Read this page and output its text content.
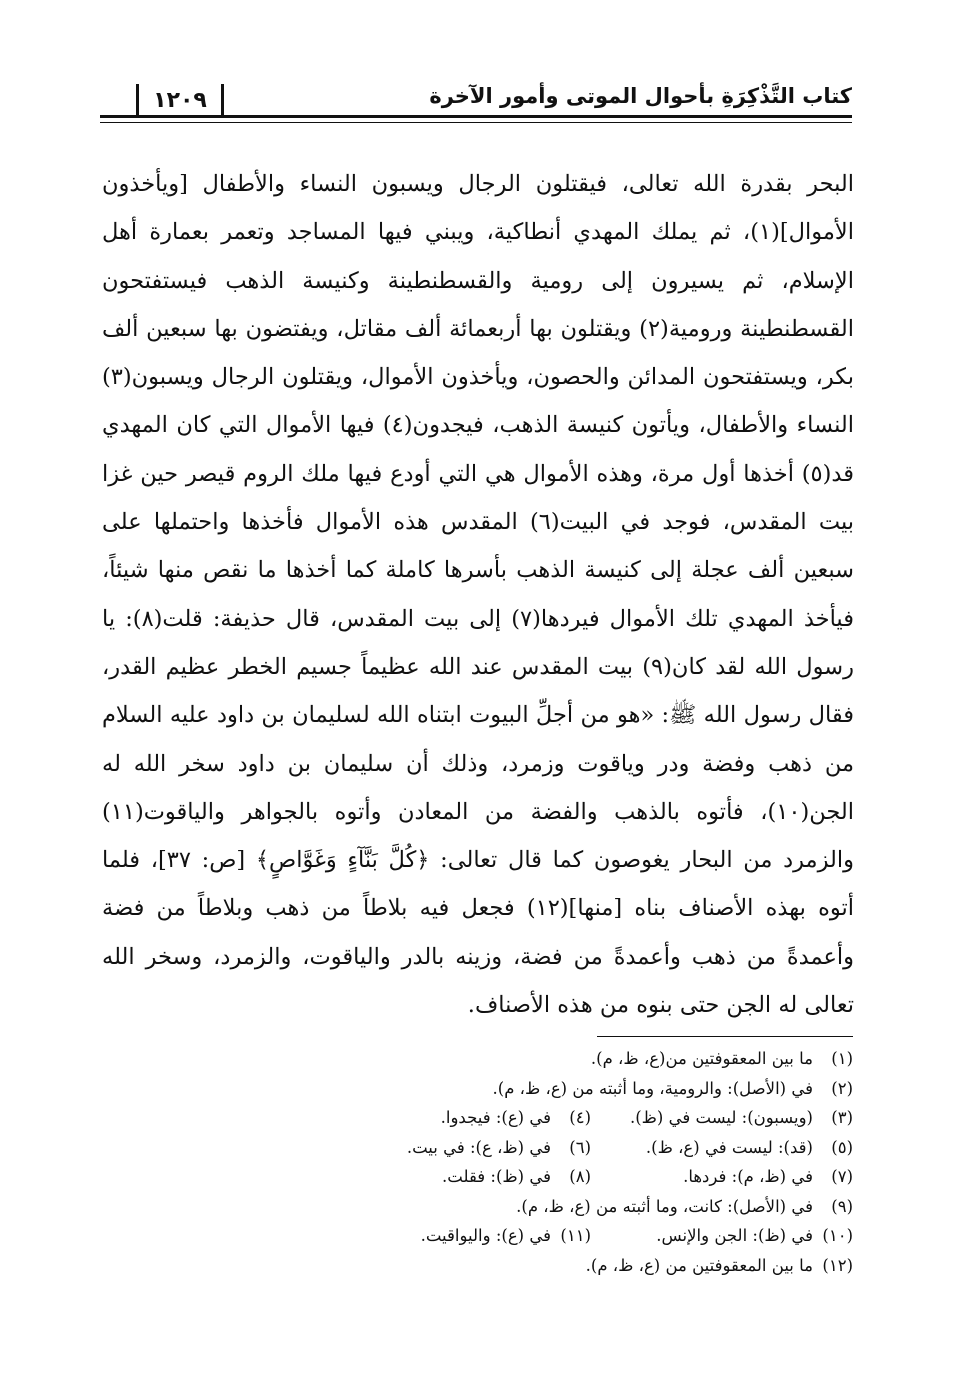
كتاب التَّذْكِرَةِ بأحوال الموتى وأمور الآخرة
١٢٠٩

البحر بقدرة الله تعالى، فيقتلون الرجال ويسبون النساء والأطفال [ويأخذون الأموال](١)، ثم يملك المهدي أنطاكية، ويبني فيها المساجد وتعمر بعمارة أهل الإسلام، ثم يسيرون إلى رومية والقسطنطينة وكنيسة الذهب فيستفتحون القسطنطينة ورومية(٢) ويقتلون بها أربعمائة ألف مقاتل، ويفتضون بها سبعين ألف بكر، ويستفتحون المدائن والحصون، ويأخذون الأموال، ويقتلون الرجال ويسبون(٣) النساء والأطفال، ويأتون كنيسة الذهب، فيجدون(٤) فيها الأموال التي كان المهدي قد(٥) أخذها أول مرة، وهذه الأموال هي التي أودع فيها ملك الروم قيصر حين غزا بيت المقدس، فوجد في البيت(٦) المقدس هذه الأموال فأخذها واحتملها على سبعين ألف عجلة إلى كنيسة الذهب بأسرها كاملة كما أخذها ما نقص منها شيئاً، فيأخذ المهدي تلك الأموال فيردها(٧) إلى بيت المقدس، قال حذيفة: قلت(٨): يا رسول الله لقد كان(٩) بيت المقدس عند الله عظيماً جسيم الخطر عظيم القدر، فقال رسول الله ﷺ: «هو من أجلِّ البيوت ابتناه الله لسليمان بن داود عليه السلام من ذهب وفضة ودر وياقوت وزمرد، وذلك أن سليمان بن داود سخر الله له الجن(١٠)، فأتوه بالذهب والفضة من المعادن وأتوه بالجواهر والياقوت(١١) والزمرد من البحار يغوصون كما قال تعالى: ﴿كُلَّ بَنَّآءٍ وَغَوَّاصٍ﴾ [ص: ٣٧]، فلما أتوه بهذه الأصناف بناه [منها](١٢) فجعل فيه بلاطاً من ذهب وبلاطاً من فضة وأعمدةً من ذهب وأعمدةً من فضة، وزينه بالدر والياقوت، والزمرد، وسخر الله تعالى له الجن حتى بنوه من هذه الأصناف.

(١)ما بين المعقوفتين من(ع، ظ، م).
(٢)في (الأصل): والرومية، وما أثبته من (ع، ظ، م).
(٣)(ويسبون): ليست في (ظ).
(٤)في (ع): فيجدوا.
(٥)(قد): ليست في (ع، ظ).
(٦)في (ظ، ع): في بيت.
(٧)في (ظ، م): فردها.
(٨)في (ظ): فقلت.
(٩)في (الأصل): كانت، وما أثبته من (ع، ظ، م).
(١٠)في (ظ): الجن والإنس.
(١١)في (ع): واليواقيت.
(١٢)ما بين المعقوفتين من (ع، ظ، م).
